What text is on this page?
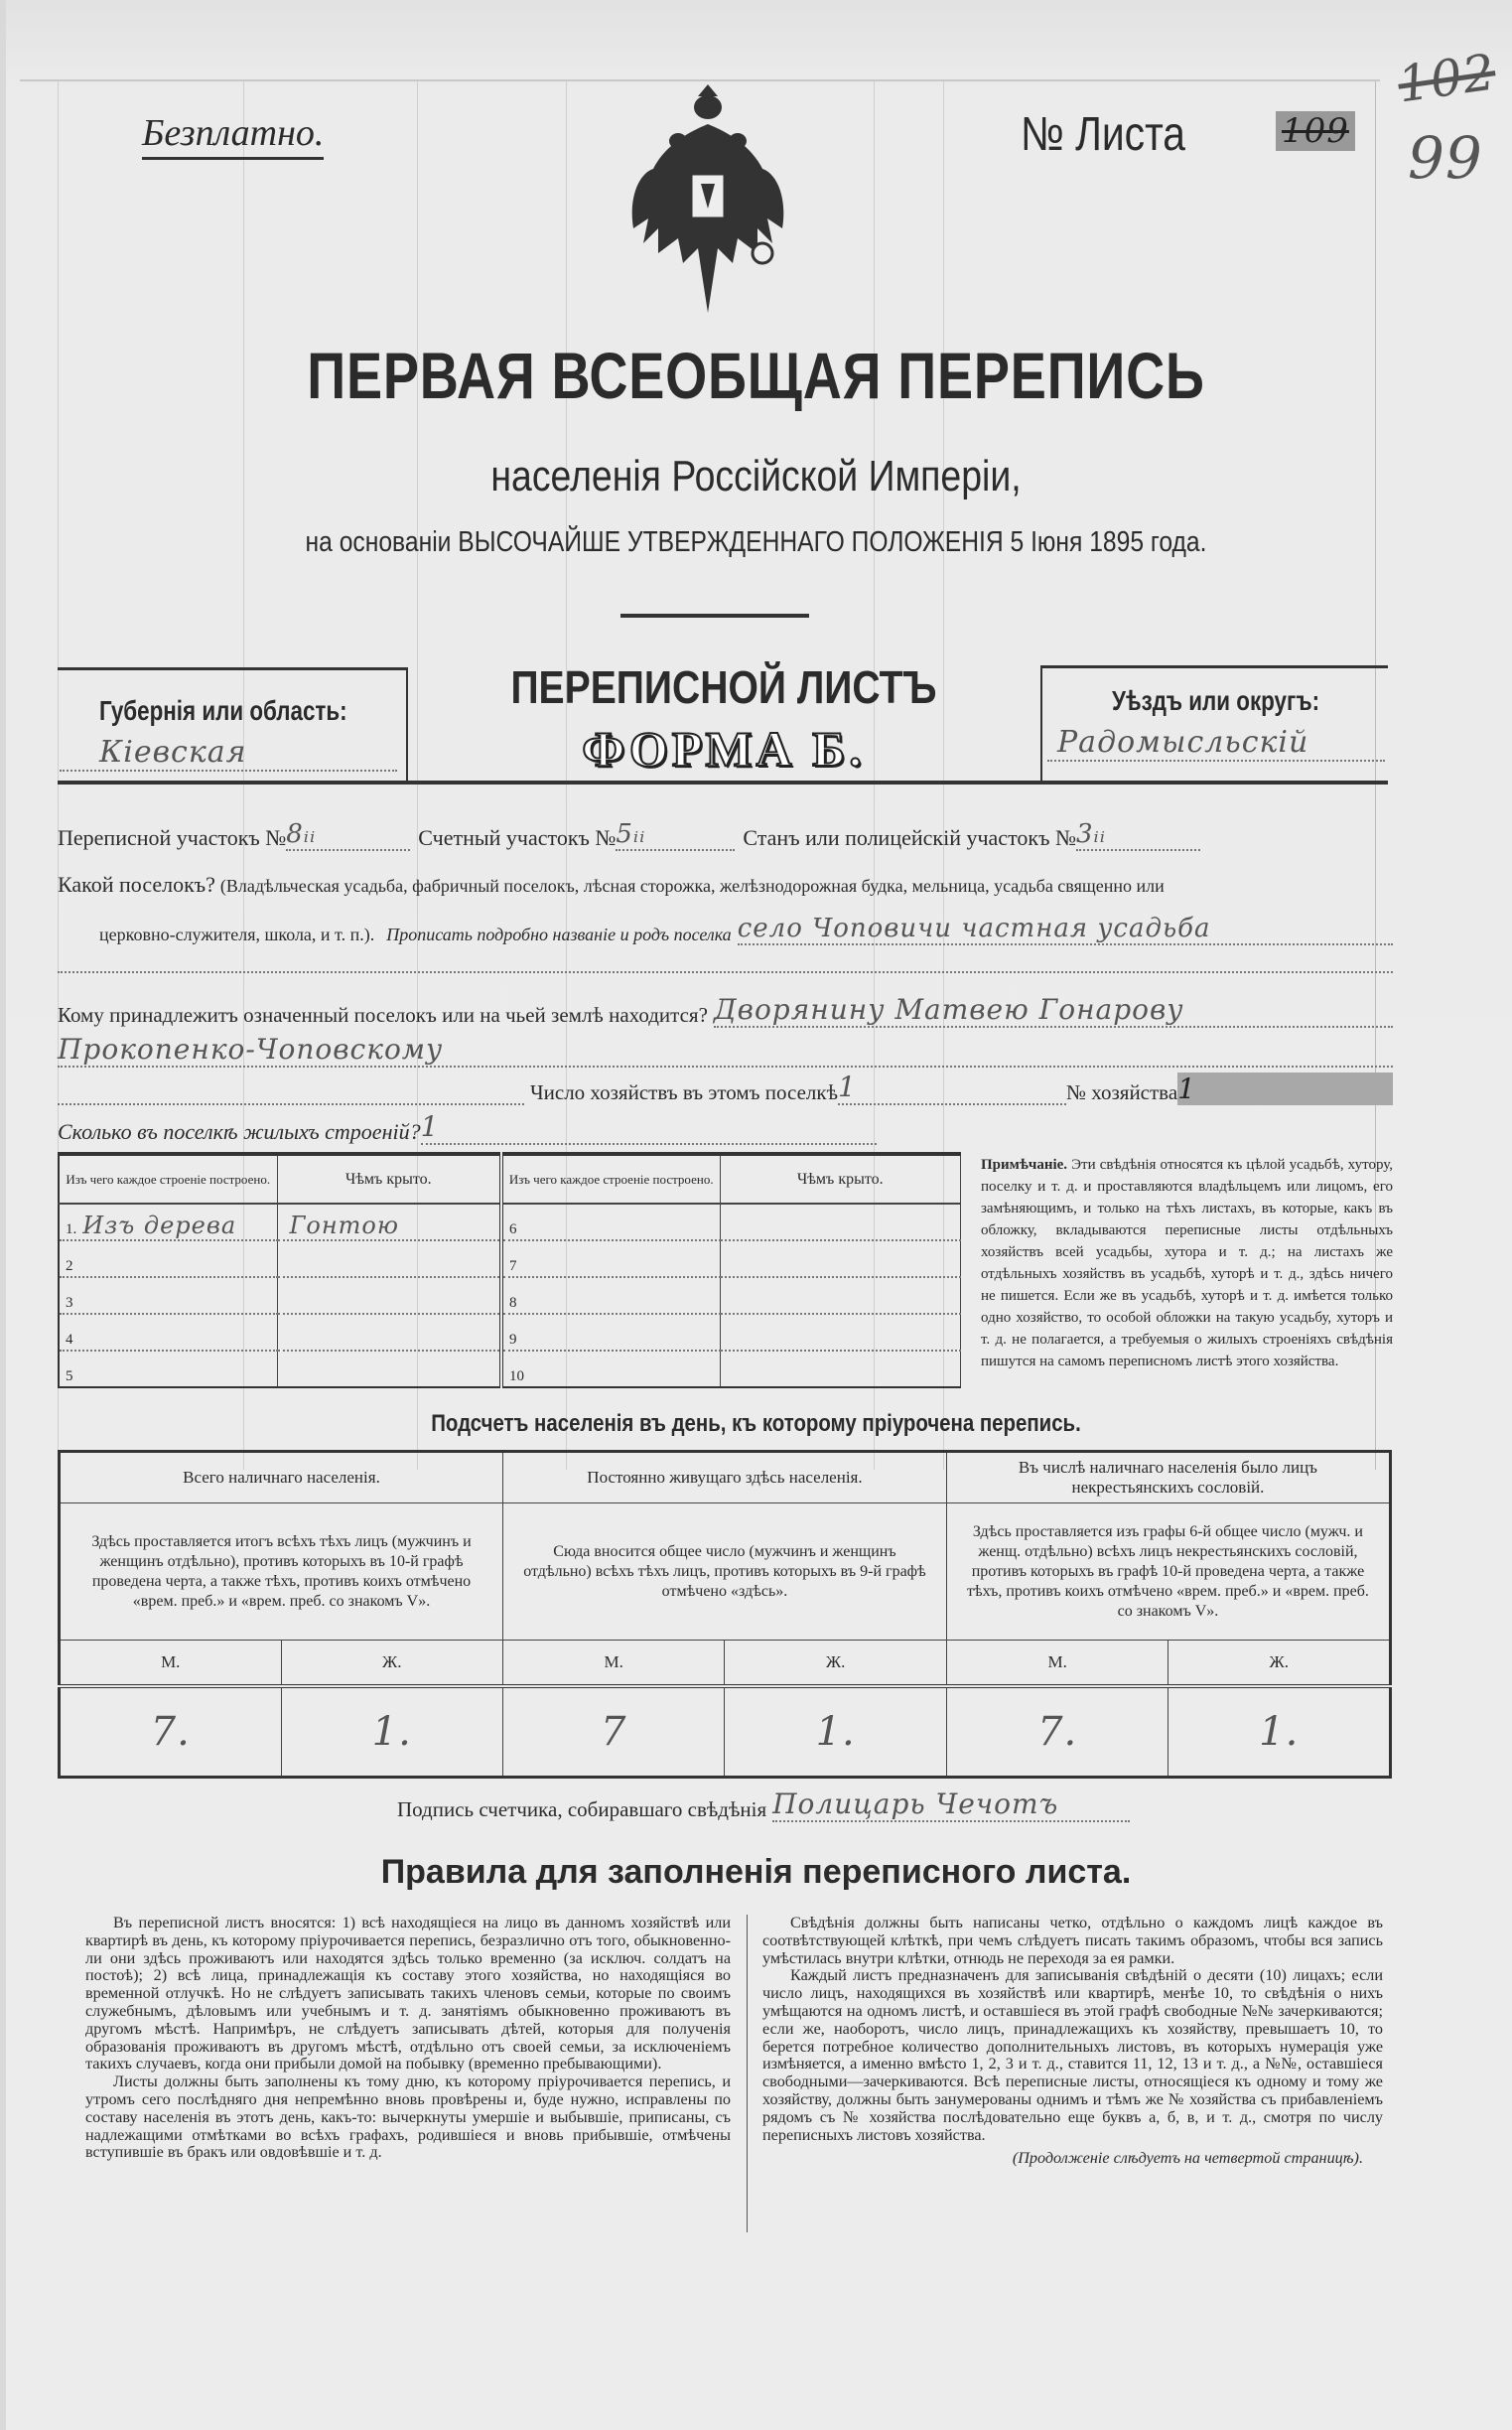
Безплатно.	№ Листа	109
102
99
ПЕРВАЯ ВСЕОБЩАЯ ПЕРЕПИСЬ
населенія Россійской Имперіи,
на основаніи ВЫСОЧАЙШЕ УТВЕРЖДЕННАГО ПОЛОЖЕНІЯ 5 Іюня 1895 года.
Губернія или область:
Кіевская
ПЕРЕПИСНОЙ ЛИСТЪ
ФОРМА Б.
Уѣздъ или округъ:
Радомысльскій
Переписной участокъ № 8ᵢᵢ	Счетный участокъ № 5ᵢᵢ	Станъ или полицейскій участокъ № 3ᵢᵢ
Какой поселокъ? (Владѣльческая усадьба, фабричный поселокъ, лѣсная сторожка, желѣзнодорожная будка, мельница, усадьба священно или
церковно-служителя, школа, и т. п.). Прописать подробно названіе и родъ поселка село Чоповичи частная усадьба
Кому принадлежитъ означенный поселокъ или на чьей землѣ находится? Дворянину Матвею Гонарову
Прокопенко-Чоповскому
Число хозяйствъ въ этомъ поселкѣ 1	№ хозяйства 1
Сколько въ поселкѣ жилыхъ строеній? 1
Изъ чего каждое строеніе построено.	Чѣмъ крыто.	Изъ чего каждое строеніе построено.	Чѣмъ крыто.
1. Изъ дерева	Гонтою	6	
2		7	
3		8	
4		9	
5		10	
Примѣчаніе. Эти свѣдѣнія относятся къ цѣлой усадьбѣ, хутору, поселку и т. д. и проставляются владѣльцемъ или лицомъ, его замѣняющимъ, и только на тѣхъ листахъ, въ которые, какъ въ обложку, вкладываются переписные листы отдѣльныхъ хозяйствъ всей усадьбы, хутора и т. д.; на листахъ же отдѣльныхъ хозяйствъ въ усадьбѣ, хуторѣ и т. д., здѣсь ничего не пишется. Если же въ усадьбѣ, хуторѣ и т. д. имѣется только одно хозяйство, то особой обложки на такую усадьбу, хуторъ и т. д. не полагается, а требуемыя о жилыхъ строеніяхъ свѣдѣнія пишутся на самомъ переписномъ листѣ этого хозяйства.
Подсчетъ населенія въ день, къ которому пріурочена перепись.
Всего наличнаго населенія.		Постоянно живущаго здѣсь населенія.		Въ числѣ наличнаго населенія было лицъ некрестьянскихъ сословій.	
Здѣсь проставляется итогъ всѣхъ тѣхъ лицъ (мужчинъ и женщинъ отдѣльно), противъ которыхъ въ 10-й графѣ проведена черта, а также тѣхъ, противъ коихъ отмѣчено «врем. преб.» и «врем. преб. со знакомъ V».		Сюда вносится общее число (мужчинъ и женщинъ отдѣльно) всѣхъ тѣхъ лицъ, противъ которыхъ въ 9-й графѣ отмѣчено «здѣсь».		Здѣсь проставляется изъ графы 6-й общее число (мужч. и женщ. отдѣльно) всѣхъ лицъ некрестьянскихъ сословій, противъ которыхъ въ графѣ 10-й проведена черта, а также тѣхъ, противъ коихъ отмѣчено «врем. преб.» и «врем. преб. со знакомъ V».	
М.	Ж.	М.	Ж.	М.	Ж.
7.	1.	7	1.	7.	1.
Подпись счетчика, собиравшаго свѣдѣнія Полицарь Чечотъ
Правила для заполненія переписного листа.

Въ переписной листъ вносятся: 1) всѣ находящіеся на лицо въ данномъ хозяйствѣ или квартирѣ въ день, къ которому пріурочивается перепись, безразлично отъ того, обыкновенно-ли они здѣсь проживаютъ или находятся здѣсь только временно (за исключ. солдатъ на постоѣ); 2) всѣ лица, принадлежащія къ составу этого хозяйства, но находящіяся во временной отлучкѣ. Но не слѣдуетъ записывать такихъ членовъ семьи, которые по своимъ служебнымъ, дѣловымъ или учебнымъ и т. д. занятіямъ обыкновенно проживаютъ въ другомъ мѣстѣ. Напримѣръ, не слѣдуетъ записывать дѣтей, которыя для полученія образованія проживаютъ въ другомъ мѣстѣ, отдѣльно отъ своей семьи, за исключеніемъ такихъ случаевъ, когда они прибыли домой на побывку (временно пребывающими).

Листы должны быть заполнены къ тому дню, къ которому пріурочивается перепись, и утромъ сего послѣдняго дня непремѣнно вновь провѣрены и, буде нужно, исправлены по составу населенія въ этотъ день, какъ-то: вычеркнуты умершіе и выбывшіе, приписаны, съ надлежащими отмѣтками во всѣхъ графахъ, родившіеся и вновь прибывшіе, отмѣчены вступившіе въ бракъ или овдовѣвшіе и т. д.

Свѣдѣнія должны быть написаны четко, отдѣльно о каждомъ лицѣ каждое въ соотвѣтствующей клѣткѣ, при чемъ слѣдуетъ писать такимъ образомъ, чтобы вся запись умѣстилась внутри клѣтки, отнюдь не переходя за ея рамки.

Каждый листъ предназначенъ для записыванія свѣдѣній о десяти (10) лицахъ; если число лицъ, находящихся въ хозяйствѣ или квартирѣ, менѣе 10, то свѣдѣнія о нихъ умѣщаются на одномъ листѣ, и оставшіеся въ этой графѣ свободные №№ зачеркиваются; если же, наоборотъ, число лицъ, принадлежащихъ къ хозяйству, превышаетъ 10, то берется потребное количество дополнительныхъ листовъ, въ которыхъ нумерація уже измѣняется, а именно вмѣсто 1, 2, 3 и т. д., ставится 11, 12, 13 и т. д., а №№, оставшіеся свободными—зачеркиваются. Всѣ переписные листы, относящіеся къ одному и тому же хозяйству, должны быть занумерованы однимъ и тѣмъ же № хозяйства съ прибавленіемъ рядомъ съ № хозяйства послѣдовательно еще буквъ а, б, в, и т. д., смотря по числу переписныхъ листовъ хозяйства.

(Продолженіе слѣдуетъ на четвертой страницѣ).
